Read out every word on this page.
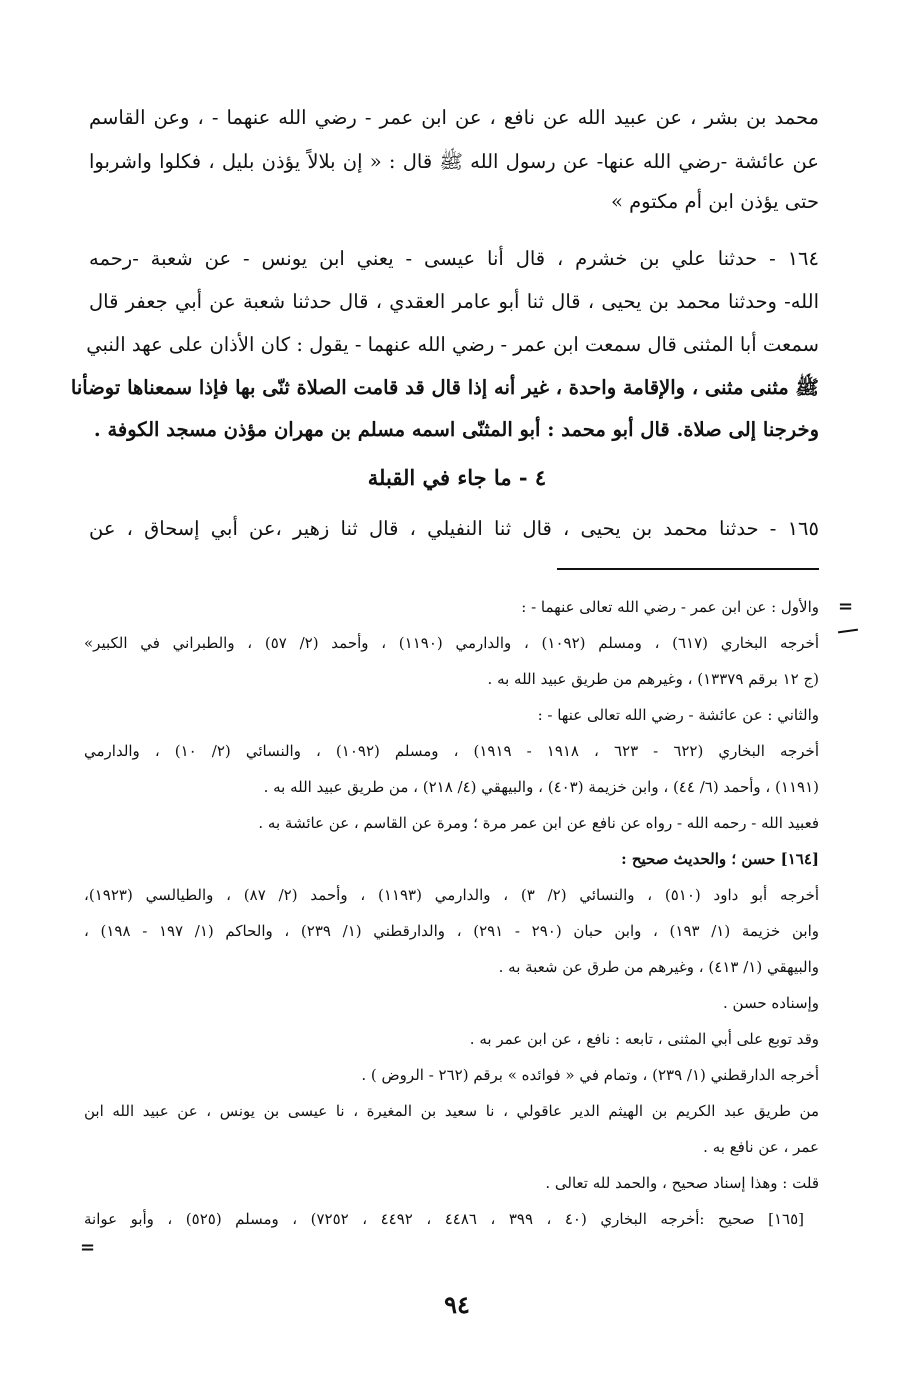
محمد بن بشر ، عن عبيد الله عن نافع ، عن ابن عمر - رضي الله عنهما - ، وعن القاسم
عن عائشة -رضي الله عنها- عن رسول الله ﷺ قال : « إن بلالاً يؤذن بليل ، فكلوا واشربوا
حتى يؤذن ابن أم مكتوم »
١٦٤ - حدثنا علي بن خشرم ، قال أنا عيسى - يعني ابن يونس - عن شعبة -رحمه
الله- وحدثنا محمد بن يحيى ، قال ثنا أبو عامر العقدي ، قال حدثنا شعبة عن أبي جعفر قال
سمعت أبا المثنى قال سمعت ابن عمر - رضي الله عنهما - يقول : كان الأذان على عهد النبي
ﷺ مثنى مثنى ، والإقامة واحدة ، غير أنه إذا قال قد قامت الصلاة ثنّى بها فإذا سمعناها توضأنا
وخرجنا إلى صلاة. قال أبو محمد : أبو المثنّى اسمه مسلم بن مهران مؤذن مسجد الكوفة .
٤ - ما جاء في القبلة
١٦٥ - حدثنا محمد بن يحيى ، قال ثنا النفيلي ، قال ثنا زهير ،عن أبي إسحاق ، عن
=
والأول : عن ابن عمر - رضي الله تعالى عنهما - :
أخرجه البخاري (٦١٧) ، ومسلم (١٠٩٢) ، والدارمي (١١٩٠) ، وأحمد (٢/ ٥٧) ، والطبراني في الكبير»
(ج ١٢ برقم ١٣٣٧٩) ، وغيرهم من طريق عبيد الله به .
والثاني : عن عائشة - رضي الله تعالى عنها - :
أخرجه البخاري (٦٢٢ - ٦٢٣ ، ١٩١٨ - ١٩١٩) ، ومسلم (١٠٩٢) ، والنسائي (٢/ ١٠) ، والدارمي
(١١٩١) ، وأحمد (٦/ ٤٤) ، وابن خزيمة (٤٠٣) ، والبيهقي (٤/ ٢١٨) ، من طريق عبيد الله به .
فعبيد الله - رحمه الله - رواه عن نافع عن ابن عمر مرة ؛ ومرة عن القاسم ، عن عائشة به .
[١٦٤] حسن ؛ والحديث صحيح :
أخرجه أبو داود (٥١٠) ، والنسائي (٢/ ٣) ، والدارمي (١١٩٣) ، وأحمد (٢/ ٨٧) ، والطيالسي (١٩٢٣)،
وابن خزيمة (١/ ١٩٣) ، وابن حبان (٢٩٠ - ٢٩١) ، والدارقطني (١/ ٢٣٩) ، والحاكم (١/ ١٩٧ - ١٩٨) ،
والبيهقي (١/ ٤١٣) ، وغيرهم من طرق عن شعبة به .
وإسناده حسن .
وقد توبع على أبي المثنى ، تابعه : نافع ، عن ابن عمر به .
أخرجه الدارقطني (١/ ٢٣٩) ، وتمام في « فوائده » برقم (٢٦٢ - الروض ) .
من طريق عبد الكريم بن الهيثم الدير عاقولي ، نا سعيد بن المغيرة ، نا عيسى بن يونس ، عن عبيد الله ابن
عمر ، عن نافع به .
قلت : وهذا إسناد صحيح ، والحمد لله تعالى .
[١٦٥] صحيح :أخرجه البخاري (٤٠ ، ٣٩٩ ، ٤٤٨٦ ، ٤٤٩٢ ، ٧٢٥٢) ، ومسلم (٥٢٥) ، وأبو عوانة
=
٩٤
